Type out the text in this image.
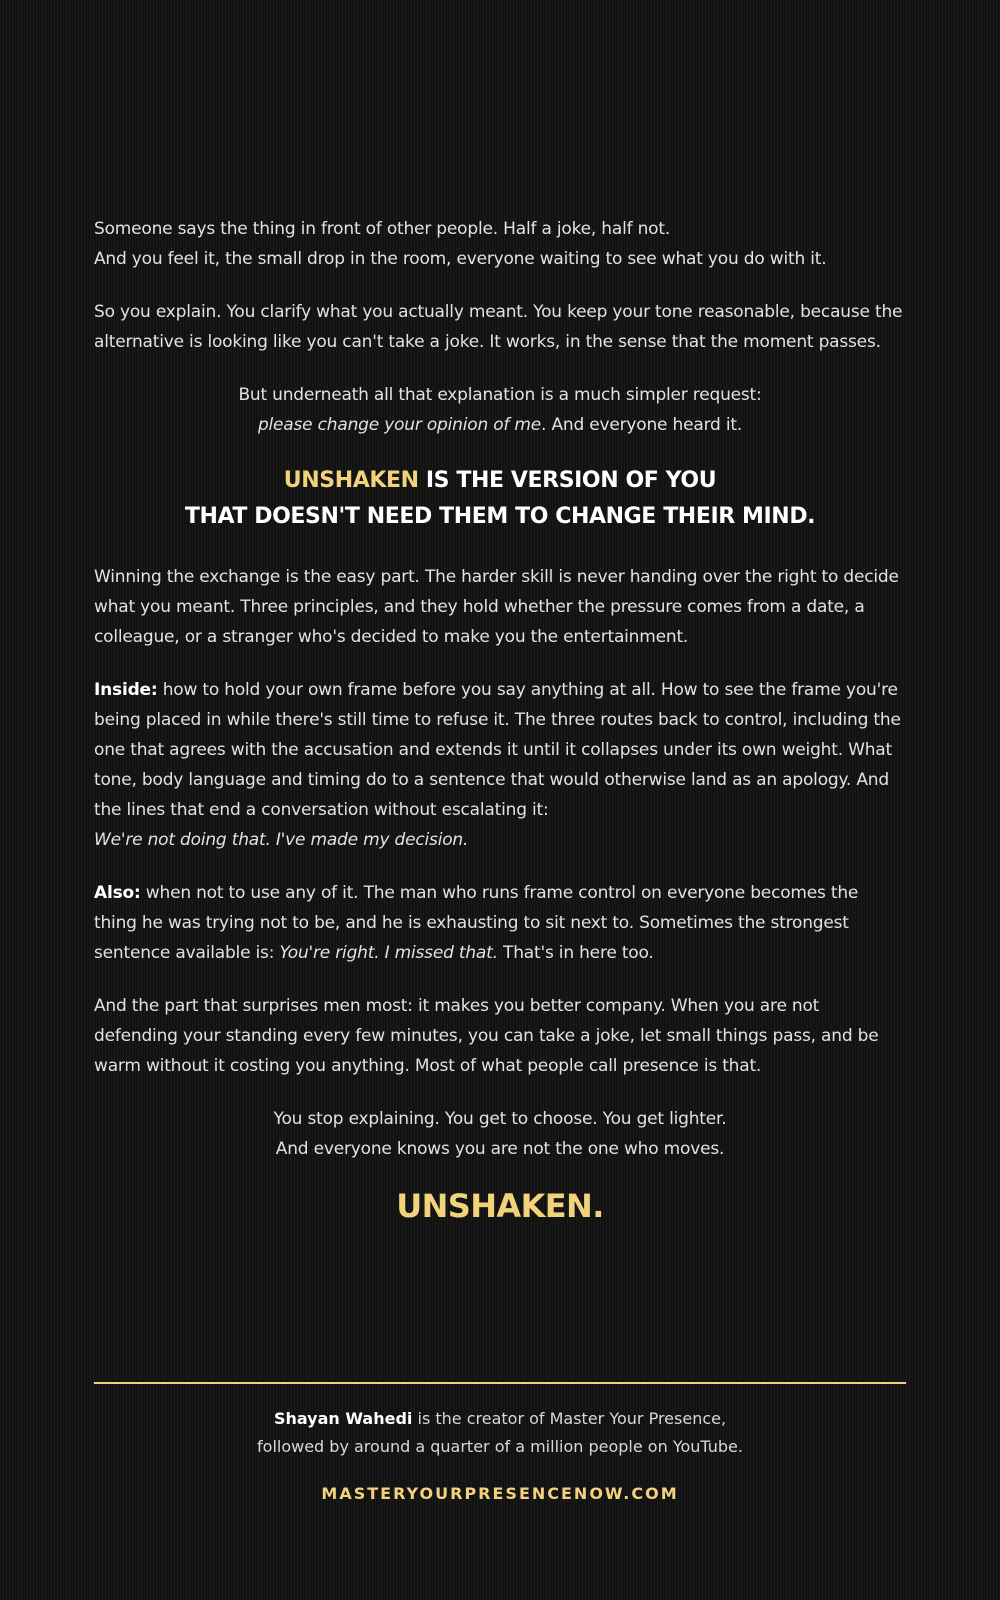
Someone says the thing in front of other people. Half a joke, half not.
And you feel it, the small drop in the room, everyone waiting to see what you do with it.

So you explain. You clarify what you actually meant. You keep your tone reasonable, because the alternative is looking like you can't take a joke. It works, in the sense that the moment passes.

But underneath all that explanation is a much simpler request:
please change your opinion of me. And everyone heard it.

UNSHAKEN IS THE VERSION OF YOU
THAT DOESN'T NEED THEM TO CHANGE THEIR MIND.

Winning the exchange is the easy part. The harder skill is never handing over the right to decide what you meant. Three principles, and they hold whether the pressure comes from a date, a colleague, or a stranger who's decided to make you the entertainment.

Inside: how to hold your own frame before you say anything at all. How to see the frame you're being placed in while there's still time to refuse it. The three routes back to control, including the one that agrees with the accusation and extends it until it collapses under its own weight. What tone, body language and timing do to a sentence that would otherwise land as an apology. And the lines that end a conversation without escalating it:
We're not doing that. I've made my decision.

Also: when not to use any of it. The man who runs frame control on everyone becomes the thing he was trying not to be, and he is exhausting to sit next to. Sometimes the strongest sentence available is: You're right. I missed that. That's in here too.

And the part that surprises men most: it makes you better company. When you are not defending your standing every few minutes, you can take a joke, let small things pass, and be warm without it costing you anything. Most of what people call presence is that.

You stop explaining. You get to choose. You get lighter.
And everyone knows you are not the one who moves.

UNSHAKEN.
Shayan Wahedi is the creator of Master Your Presence,
followed by around a quarter of a million people on YouTube.
MASTERYOURPRESENCENOW.COM
